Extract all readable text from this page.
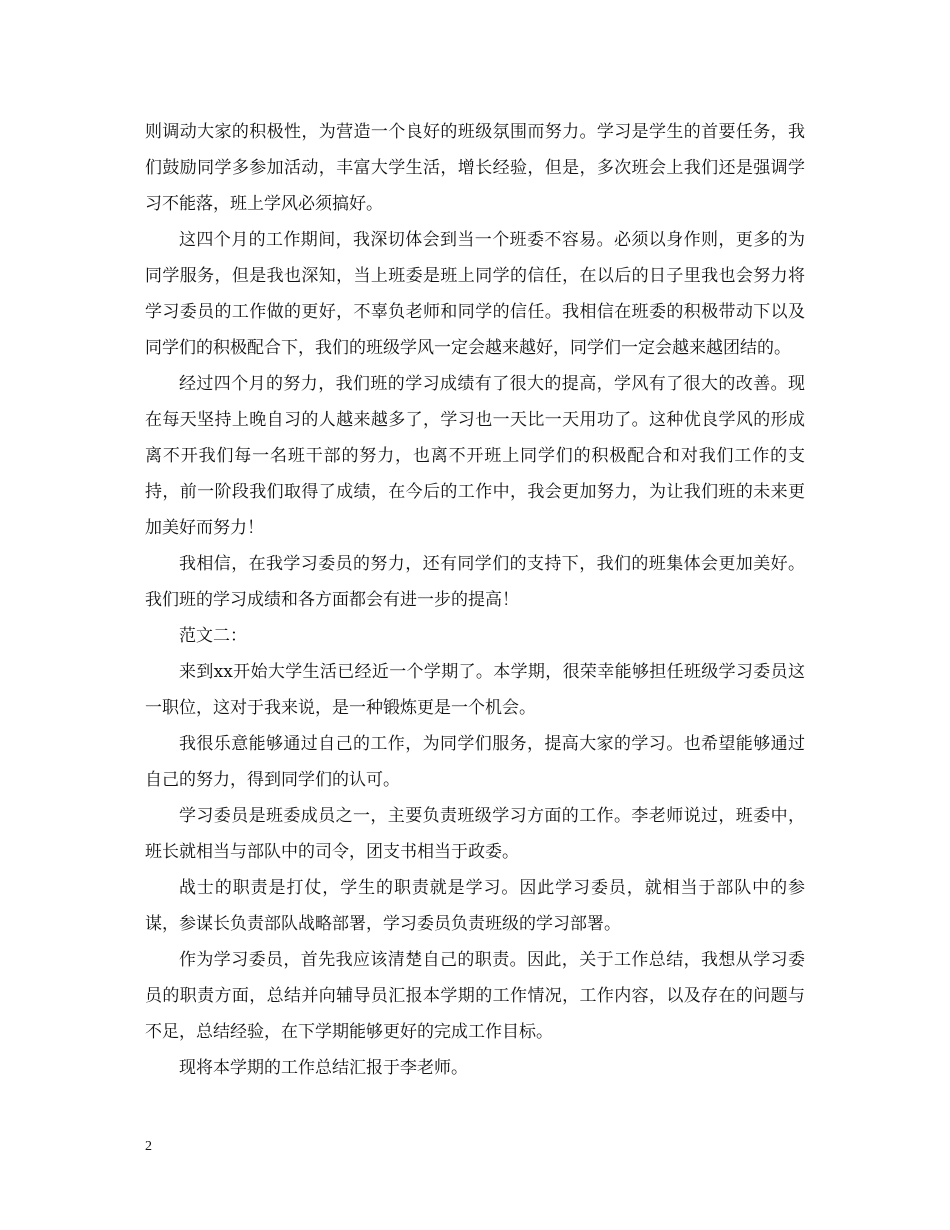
则调动大家的积极性，为营造一个良好的班级氛围而努力。学习是学生的首要任务，我们鼓励同学多参加活动，丰富大学生活，增长经验，但是，多次班会上我们还是强调学习不能落，班上学风必须搞好。

这四个月的工作期间，我深切体会到当一个班委不容易。必须以身作则，更多的为同学服务，但是我也深知，当上班委是班上同学的信任，在以后的日子里我也会努力将学习委员的工作做的更好，不辜负老师和同学的信任。我相信在班委的积极带动下以及同学们的积极配合下，我们的班级学风一定会越来越好，同学们一定会越来越团结的。

经过四个月的努力，我们班的学习成绩有了很大的提高，学风有了很大的改善。现在每天坚持上晚自习的人越来越多了，学习也一天比一天用功了。这种优良学风的形成离不开我们每一名班干部的努力，也离不开班上同学们的积极配合和对我们工作的支持，前一阶段我们取得了成绩，在今后的工作中，我会更加努力，为让我们班的未来更加美好而努力！

我相信，在我学习委员的努力，还有同学们的支持下，我们的班集体会更加美好。我们班的学习成绩和各方面都会有进一步的提高！

范文二：

来到xx开始大学生活已经近一个学期了。本学期，很荣幸能够担任班级学习委员这一职位，这对于我来说，是一种锻炼更是一个机会。

我很乐意能够通过自己的工作，为同学们服务，提高大家的学习。也希望能够通过自己的努力，得到同学们的认可。

学习委员是班委成员之一，主要负责班级学习方面的工作。李老师说过，班委中，班长就相当与部队中的司令，团支书相当于政委。

战士的职责是打仗，学生的职责就是学习。因此学习委员，就相当于部队中的参谋，参谋长负责部队战略部署，学习委员负责班级的学习部署。

作为学习委员，首先我应该清楚自己的职责。因此，关于工作总结，我想从学习委员的职责方面，总结并向辅导员汇报本学期的工作情况，工作内容，以及存在的问题与不足，总结经验，在下学期能够更好的完成工作目标。

现将本学期的工作总结汇报于李老师。

2
